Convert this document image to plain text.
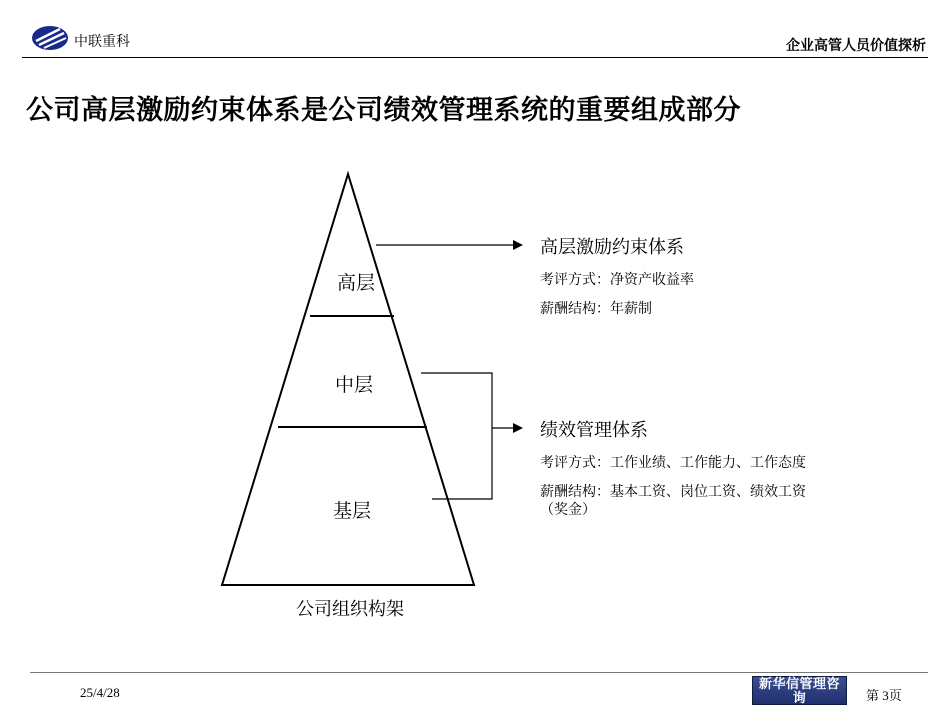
中联重科	企业高管人员价值探析
公司高层激励约束体系是公司绩效管理系统的重要组成部分
高层
中层
基层
公司组织构架
高层激励约束体系
考评方式：净资产收益率
薪酬结构：年薪制
绩效管理体系
考评方式：工作业绩、工作能力、工作态度
薪酬结构：基本工资、岗位工资、绩效工资
（奖金）
25/4/28
新华信管理咨询
SINOTRUST
第 3页
